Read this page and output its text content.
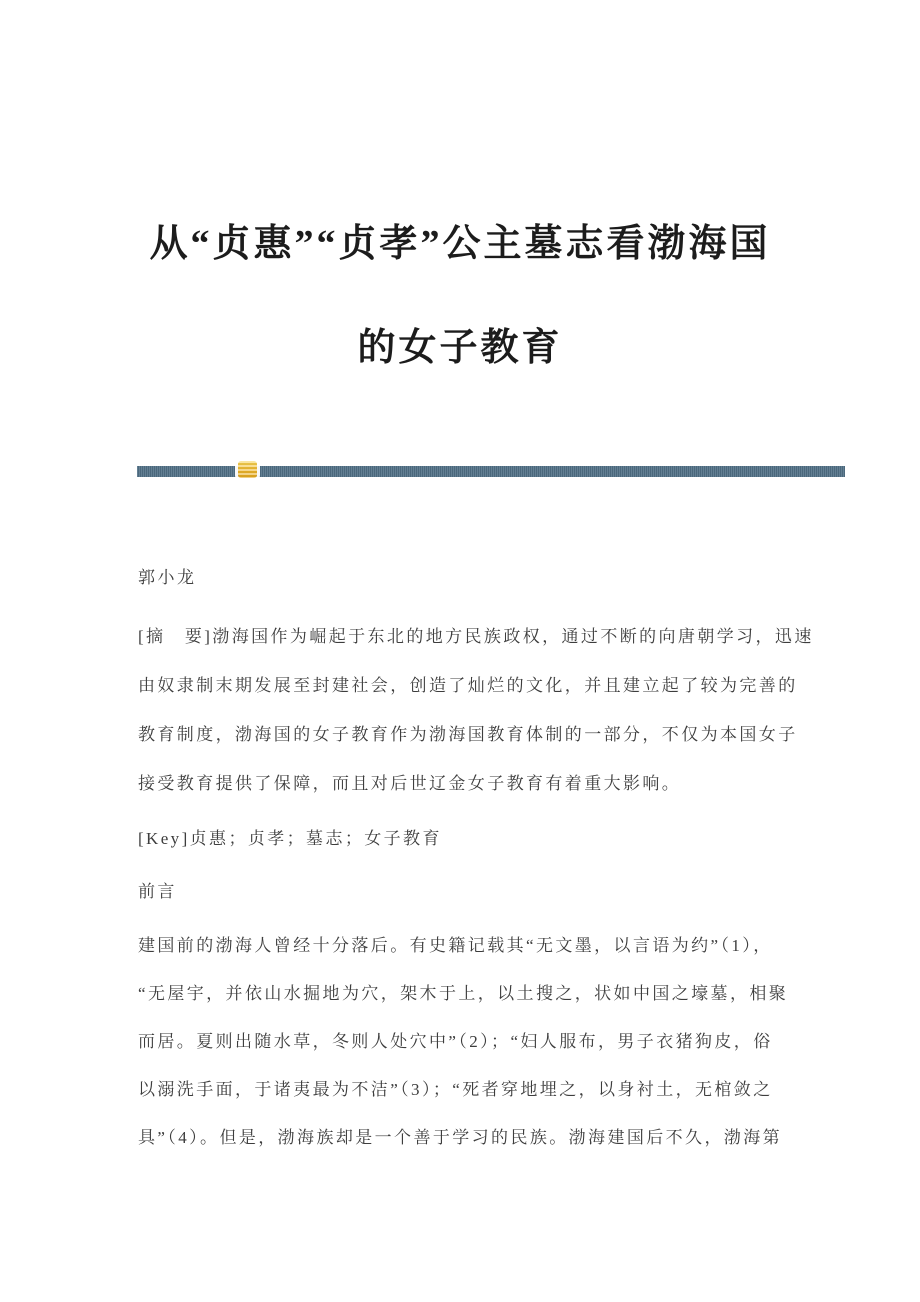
从“贞惠”“贞孝”公主墓志看渤海国
的女子教育
郭小龙
[摘　要]渤海国作为崛起于东北的地方民族政权，通过不断的向唐朝学习，迅速
由奴隶制末期发展至封建社会，创造了灿烂的文化，并且建立起了较为完善的
教育制度，渤海国的女子教育作为渤海国教育体制的一部分，不仅为本国女子
接受教育提供了保障，而且对后世辽金女子教育有着重大影响。
[Key]贞惠；贞孝；墓志；女子教育
前言
建国前的渤海人曾经十分落后。有史籍记载其“无文墨，以言语为约”（1），
“无屋宇，并依山水掘地为穴，架木于上，以土搜之，状如中国之壕墓，相聚
而居。夏则出随水草，冬则人处穴中”（2）；“妇人服布，男子衣猪狗皮，俗
以溺洗手面，于诸夷最为不洁”（3）；“死者穿地埋之，以身衬土，无棺敛之
具”（4）。但是，渤海族却是一个善于学习的民族。渤海建国后不久，渤海第
